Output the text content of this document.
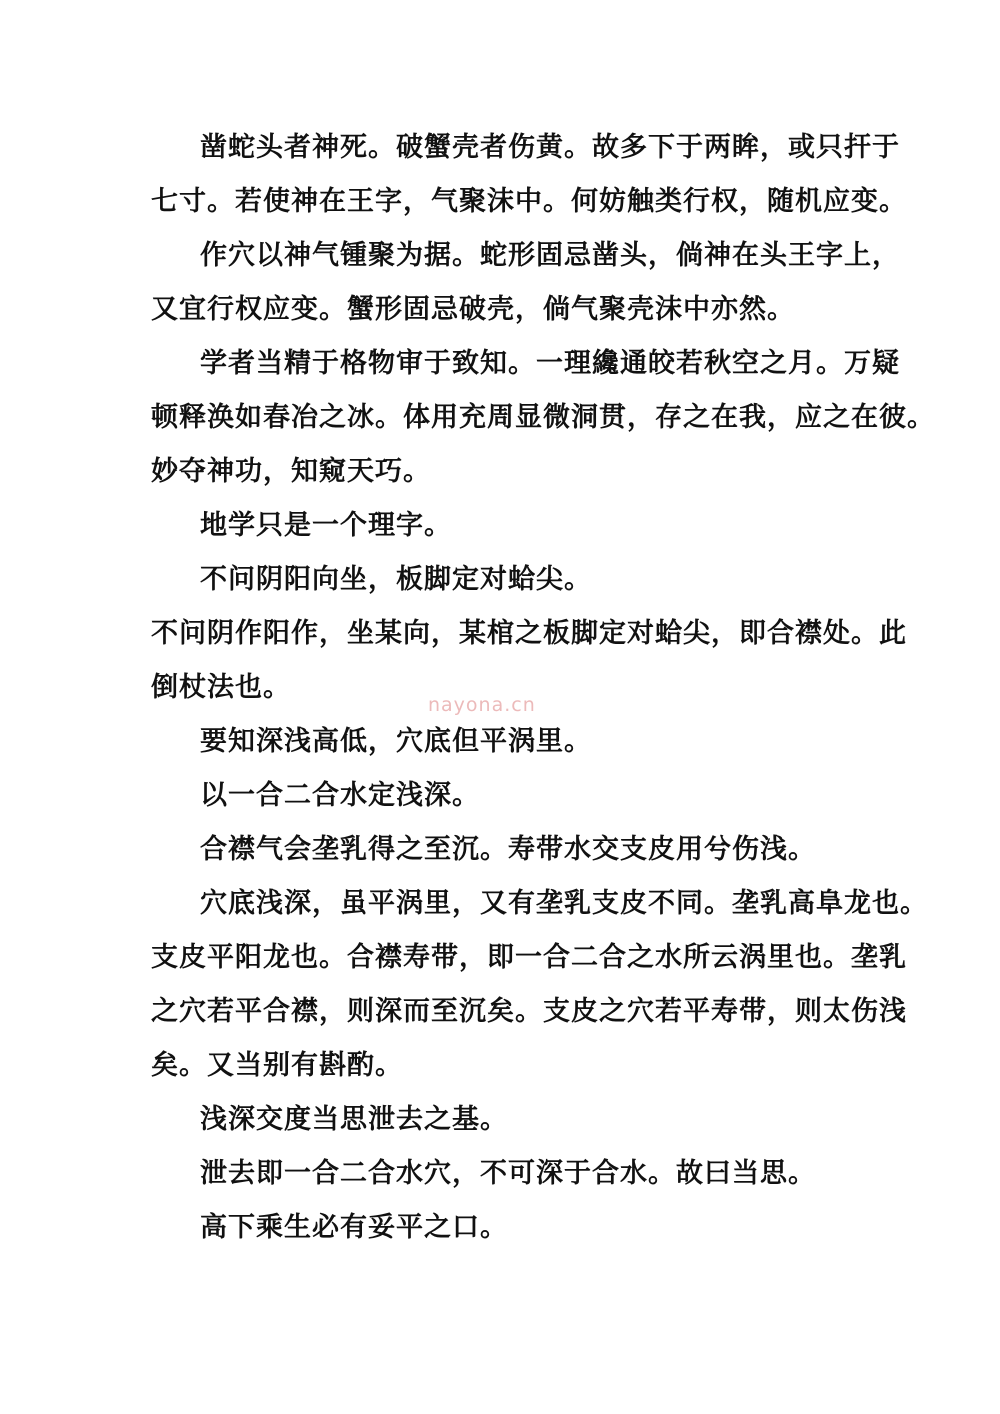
凿蛇头者神死。破蟹壳者伤黄。故多下于两眸，或只扞于
七寸。若使神在王字，气聚沫中。何妨触类行权，随机应变。
作穴以神气锺聚为据。蛇形固忌凿头，倘神在头王字上，
又宜行权应变。蟹形固忌破壳，倘气聚壳沫中亦然。
学者当精于格物审于致知。一理纔通皎若秋空之月。万疑
顿释涣如春冶之冰。体用充周显微洞贯，存之在我，应之在彼。
妙夺神功，知窥天巧。
地学只是一个理字。
不问阴阳向坐，板脚定对蛤尖。
不问阴作阳作，坐某向，某棺之板脚定对蛤尖，即合襟处。此
倒杖法也。
要知深浅高低，穴底但平涡里。
以一合二合水定浅深。
合襟气会垄乳得之至沉。寿带水交支皮用兮伤浅。
穴底浅深，虽平涡里，又有垄乳支皮不同。垄乳高阜龙也。
支皮平阳龙也。合襟寿带，即一合二合之水所云涡里也。垄乳
之穴若平合襟，则深而至沉矣。支皮之穴若平寿带，则太伤浅
矣。又当别有斟酌。
浅深交度当思泄去之基。
泄去即一合二合水穴，不可深于合水。故曰当思。
高下乘生必有妥平之口。
nayona.cn
